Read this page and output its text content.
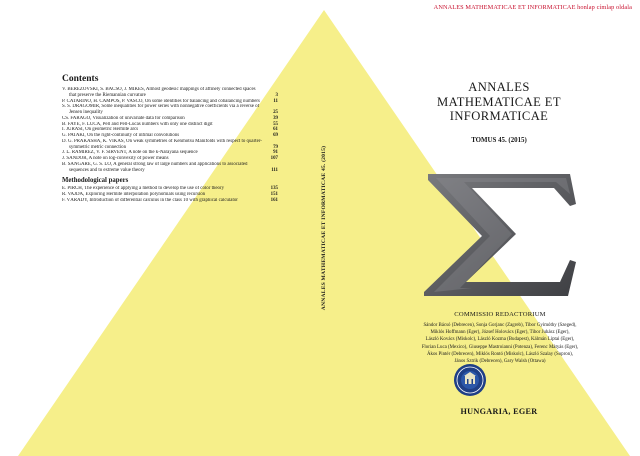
ANNALES MATHEMATICAE ET INFORMATICAE honlap címlap oldala
Contents
V. BEREZOVSKI, S. BÁCSÓ, J. MIKEŠ, Almost geodesic mappings of affinely connected spaces that preserve the Riemannian curvature	3
P. CATARINO, H. CAMPOS, P. VASCO, On some identities for balancing and cobalancing numbers	11
S. S. DRAGOMIR, Some inequalities for power series with nonnegative coefficients via a reverse of Jensen inequality	25
CS. FARAGÓ, Visualization of univariate data for comparison	39
B. FAYE, F. LUCA, Pell and Pell-Lucas numbers with only one distinct digit	55
I. JURÁSI, On geometric Hermite arcs	61
G. PATAKI, On the right-continuity of infimal convolutions	69
D. G. PRAKASHA, K. VIKAS, On weak symmetries of Kenmotsu Manifolds with respect to quarter-symmetric metric connection	79
J. L. RAMÍREZ, V. F. SIRVENT, A note on the k-Narayana sequence	91
J. SÁNDOR, A note on log-convexity of power means	107
B. SANGARE, G. S. LO, A general strong law of large numbers and applications to associated sequences and to extreme value theory	111
Methodological papers
E. PIRCH, The experience of applying a method to develop the use of color theory	135
R. VAJDA, Exploring Hermite interpolation polynomials using recursion	151
F. VÁRADY, Introduction of differential calculus in the class 10 with graphical calculator	161	ANNALES MATHEMATICAE ET INFORMATICAE 45. (2015)
ANNALES
MATHEMATICAE ET
INFORMATICAE
TOMUS 45. (2015)
COMMISSIO REDACTORIUM
Sándor Bácsó (Debrecen), Sonja Gorjanc (Zagreb), Tibor Gyimóthy (Szeged),
Miklós Hoffmann (Eger), József Holovács (Eger), Tibor Juhász (Eger),
László Kovács (Miskolc), László Kozma (Budapest), Kálmán Liptai (Eger),
Florian Luca (Mexico), Giuseppe Mastroianni (Potenza), Ferenc Mátyás (Eger),
Ákos Pintér (Debrecen), Miklós Rontó (Miskolc), László Szalay (Sopron),
János Sztrik (Debrecen), Gary Walsh (Ottawa)
HUNGARIA, EGER
